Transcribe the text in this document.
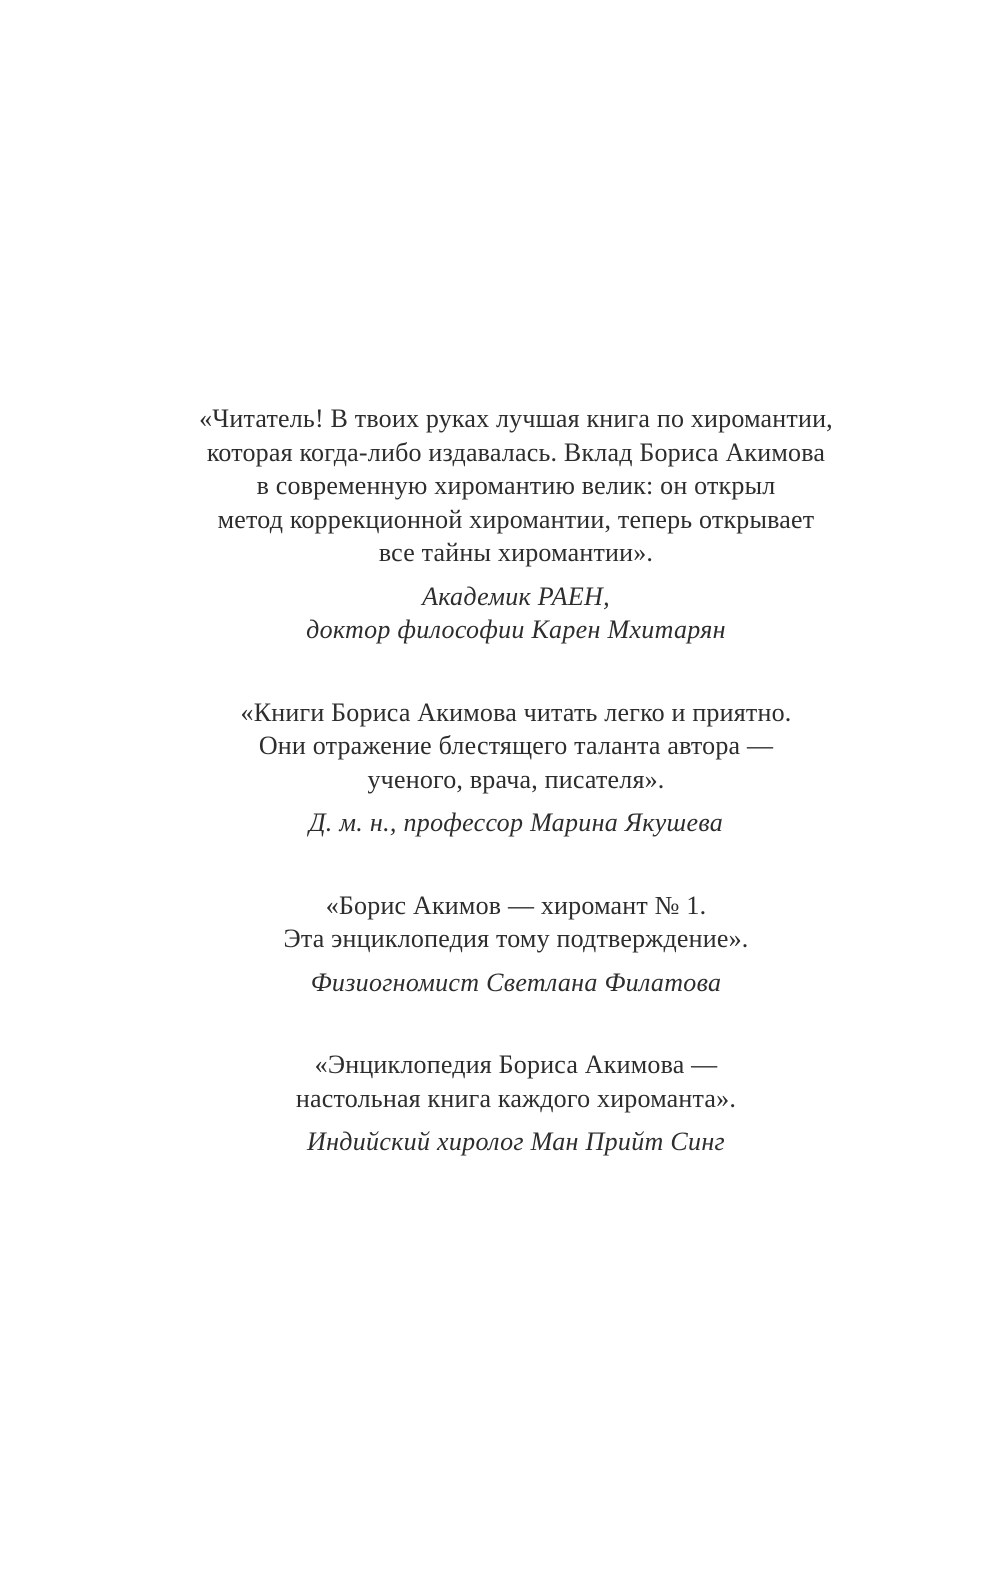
«Читатель! В твоих руках лучшая книга по хиромантии,
которая когда-либо издавалась. Вклад Бориса Акимова
в современную хиромантию велик: он открыл
метод коррекционной хиромантии, теперь открывает
все тайны хиромантии».

Академик РАЕН,
доктор философии Карен Мхитарян

«Книги Бориса Акимова читать легко и приятно.
Они отражение блестящего таланта автора —
ученого, врача, писателя».

Д. м. н., профессор Марина Якушева

«Борис Акимов — хиромант № 1.
Эта энциклопедия тому подтверждение».

Физиогномист Светлана Филатова

«Энциклопедия Бориса Акимова —
настольная книга каждого хироманта».

Индийский хиролог Ман Прийт Синг
